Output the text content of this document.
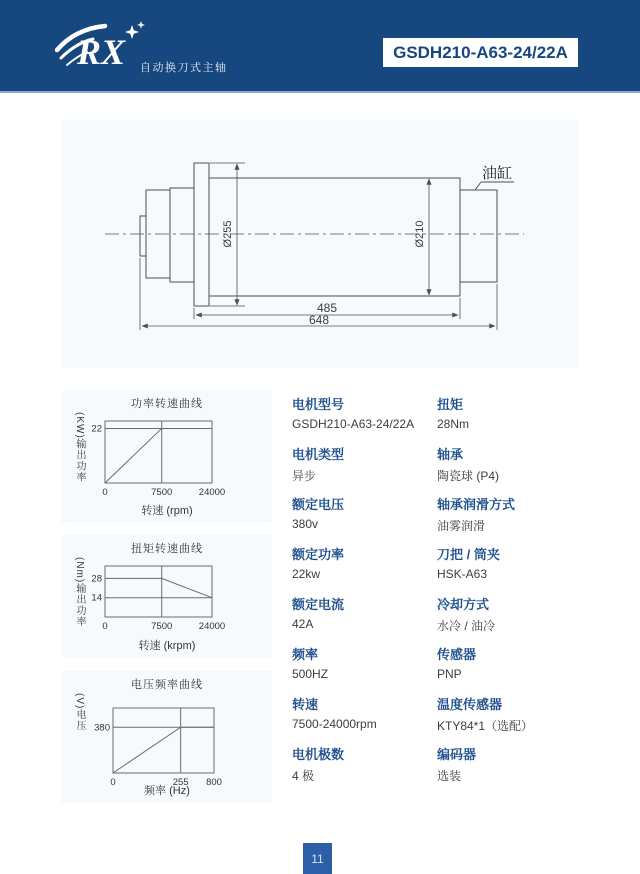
RX 自动换刀式主轴
GSDH210-A63-24/22A
485
648
Ø255	Ø210
油缸
功率转速曲线
(KW)输出功率
0	7500	24000
22
转速 (rpm)
扭矩转速曲线
(Nm)输出功率 0	7500	24000
28
14
转速 (krpm)
电压频率曲线
(V)电压
0	255 800
380
频率 (Hz)
电机型号
GSDH210-A63-24/22A
电机类型
异步
额定电压
380v
额定功率
22kw
额定电流
42A
频率
500HZ
转速
7500-24000rpm
电机极数
4 极
扭矩
28Nm
轴承
陶瓷球 (P4)
轴承润滑方式
油雾润滑
刀把 / 筒夹
HSK-A63
冷却方式
水冷 / 油冷
传感器
PNP
温度传感器
KTY84*1（选配）
编码器
选装
11
